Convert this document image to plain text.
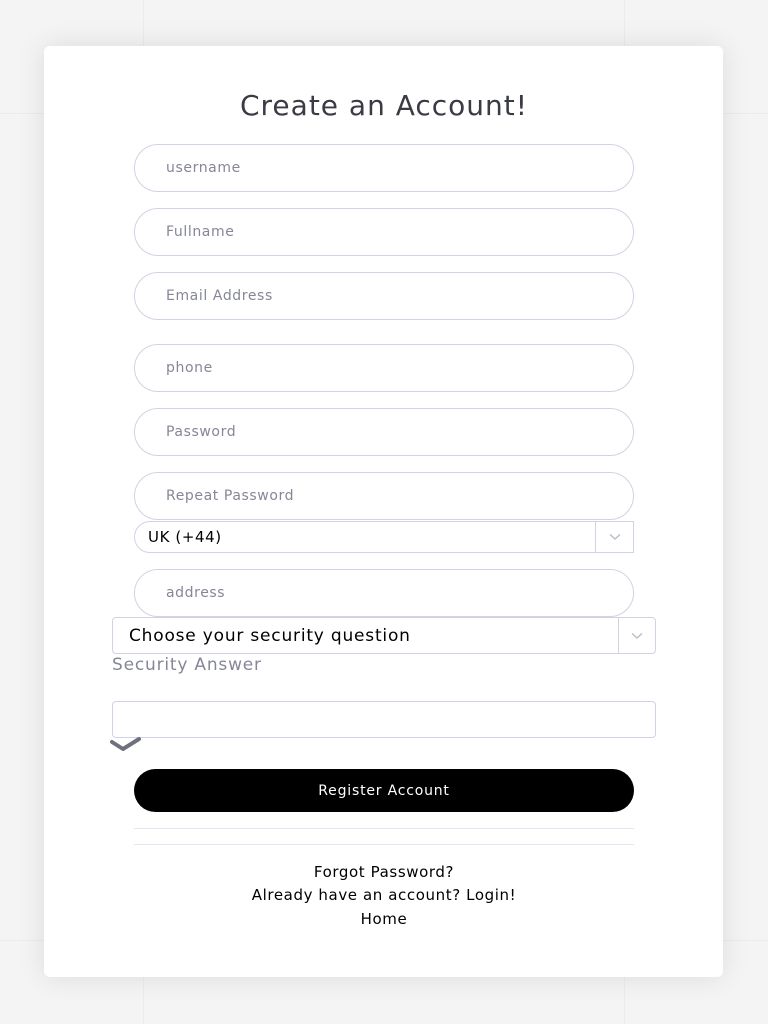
Create an Account!
username
Fullname
Email Address
phone
UK (+44)
address
Choose your security question
Security Answer
Register Account
Forgot Password?
Already have an account? Login!
Home
